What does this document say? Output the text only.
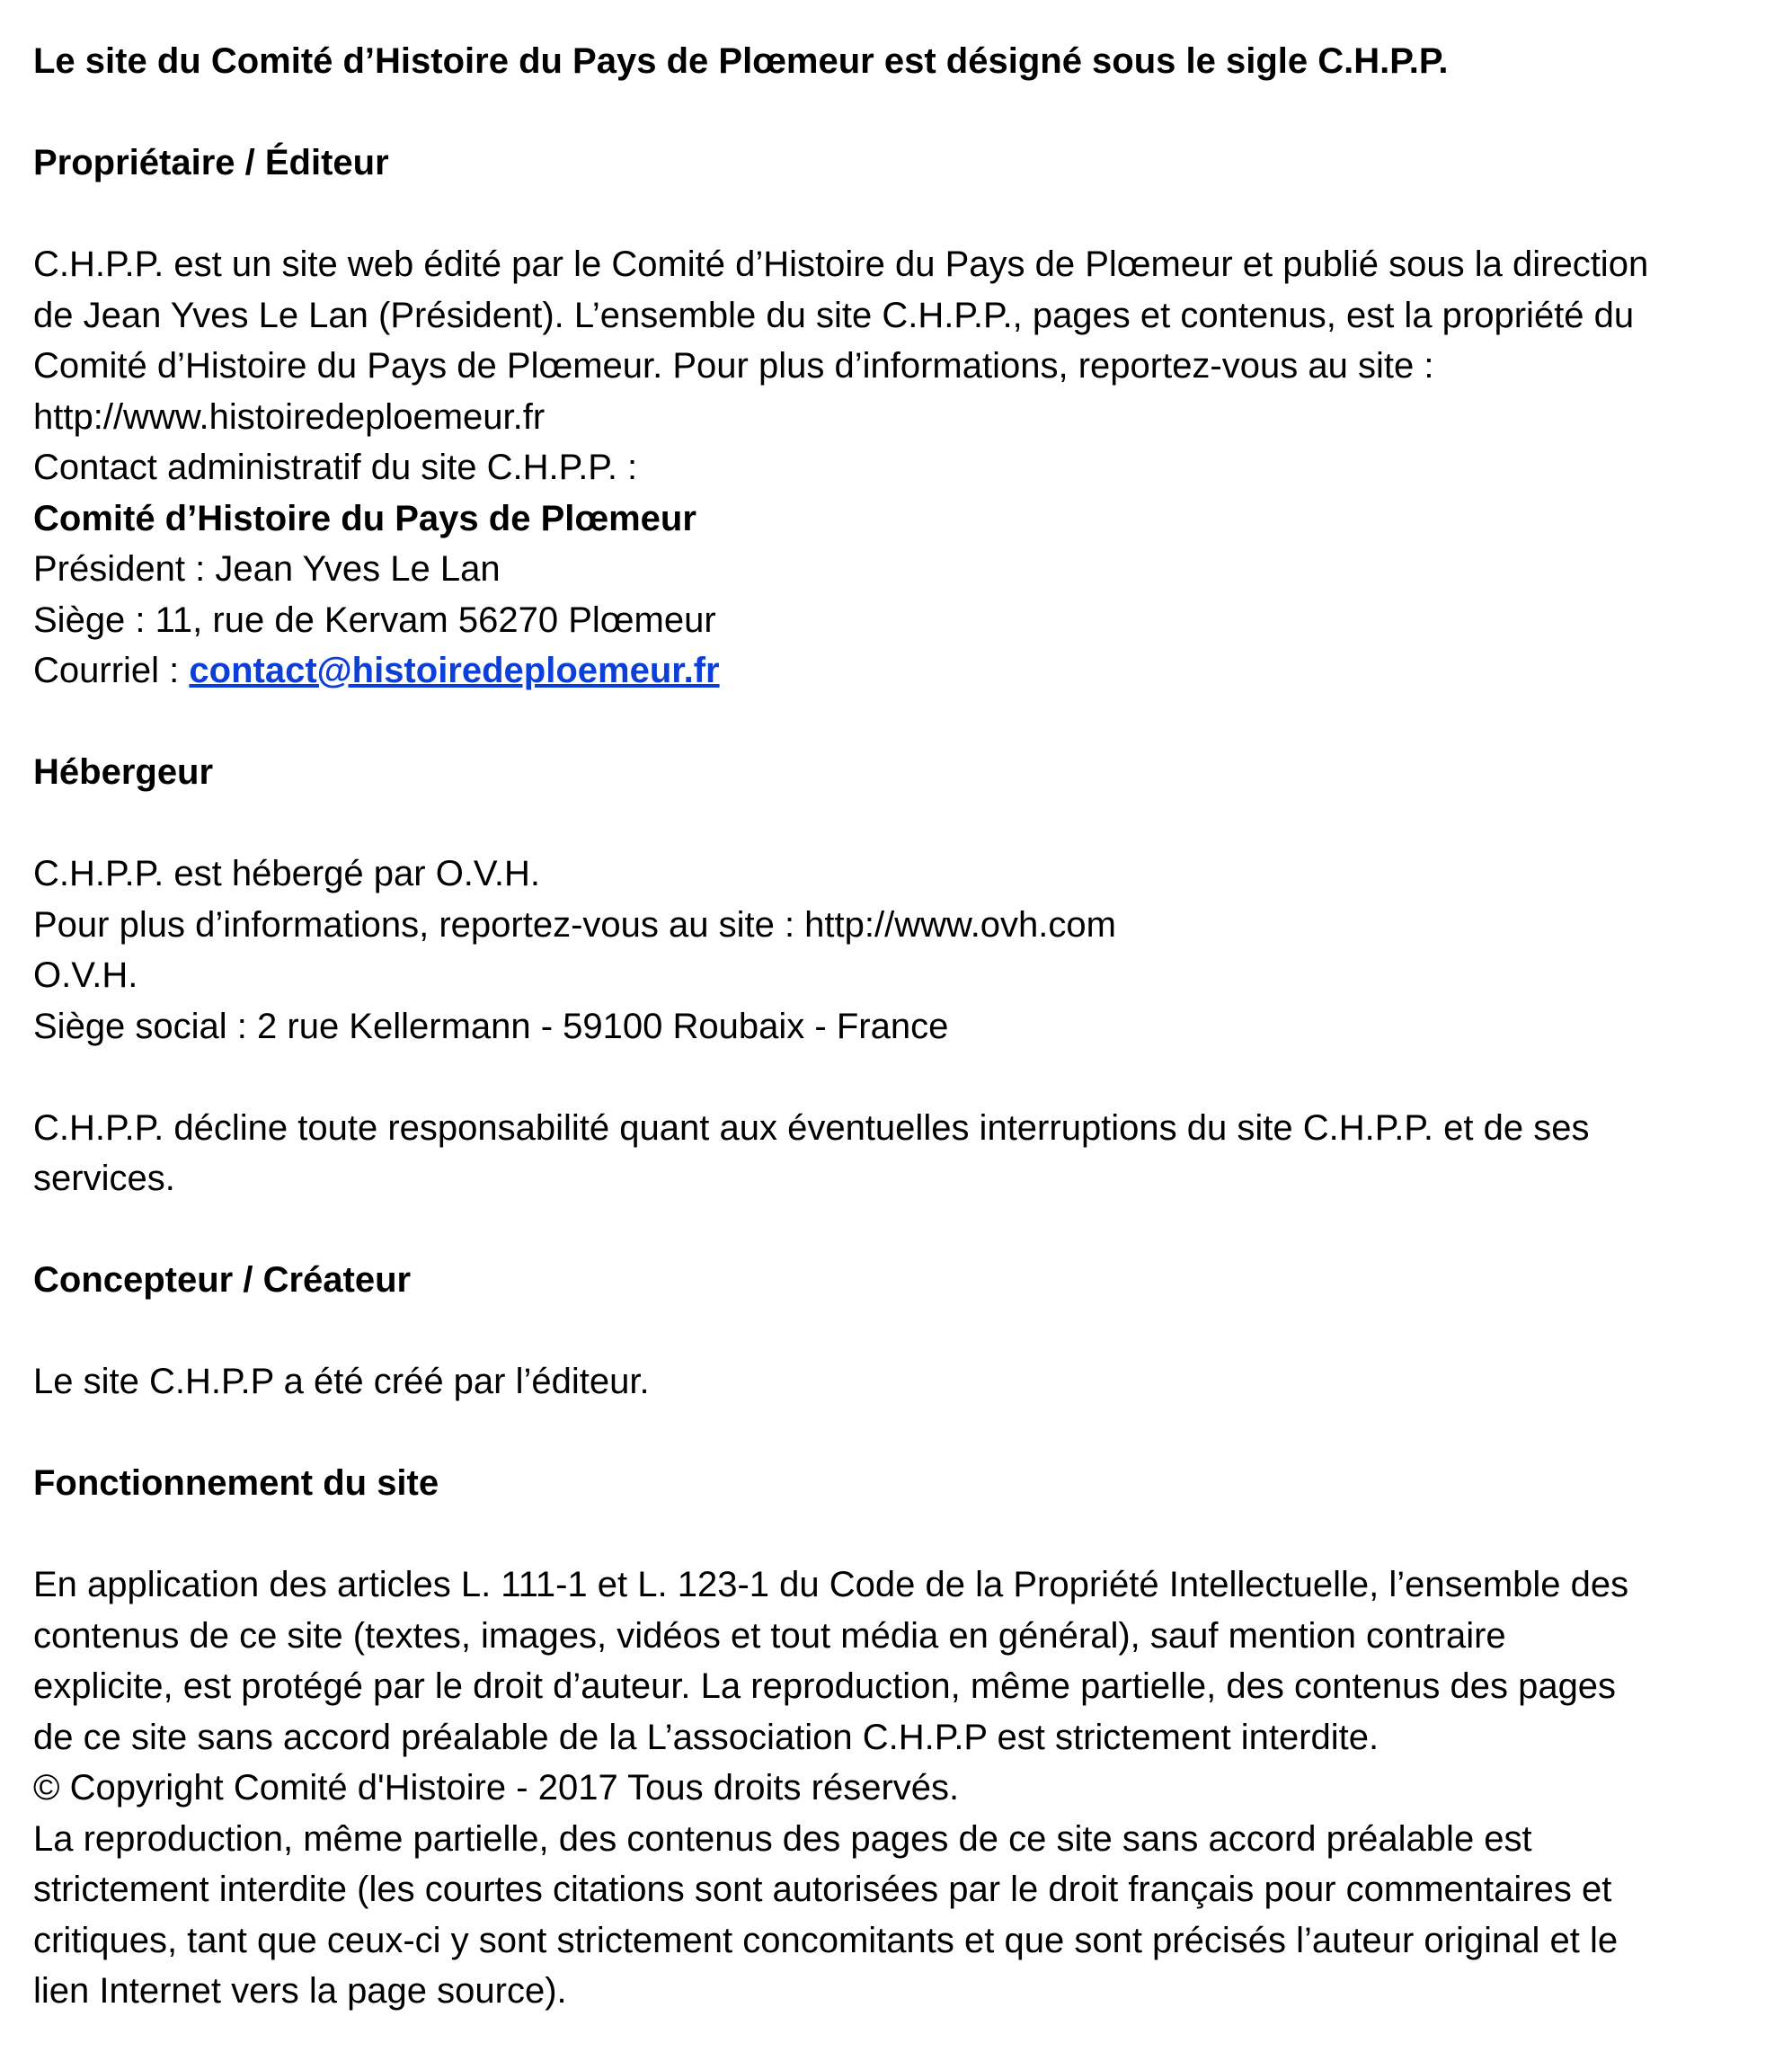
Le site du Comité d’Histoire du Pays de Plœmeur est désigné sous le sigle C.H.P.P.
Propriétaire / Éditeur
C.H.P.P. est un site web édité par le Comité d’Histoire du Pays de Plœmeur et publié sous la direction
de Jean Yves Le Lan (Président). L’ensemble du site C.H.P.P., pages et contenus, est la propriété du
Comité d’Histoire du Pays de Plœmeur. Pour plus d’informations, reportez-vous au site :
http://www.histoiredeploemeur.fr
Contact administratif du site C.H.P.P. :
Comité d’Histoire du Pays de Plœmeur
Président : Jean Yves Le Lan
Siège : 11, rue de Kervam 56270 Plœmeur
Courriel : contact@histoiredeploemeur.fr
Hébergeur
C.H.P.P. est hébergé par O.V.H.
Pour plus d’informations, reportez-vous au site : http://www.ovh.com
O.V.H.
Siège social : 2 rue Kellermann - 59100 Roubaix - France
C.H.P.P. décline toute responsabilité quant aux éventuelles interruptions du site C.H.P.P. et de ses
services.
Concepteur / Créateur
Le site C.H.P.P a été créé par l’éditeur.
Fonctionnement du site
En application des articles L. 111-1 et L. 123-1 du Code de la Propriété Intellectuelle, l’ensemble des
contenus de ce site (textes, images, vidéos et tout média en général), sauf mention contraire
explicite, est protégé par le droit d’auteur. La reproduction, même partielle, des contenus des pages
de ce site sans accord préalable de la L’association C.H.P.P est strictement interdite.
© Copyright Comité d'Histoire - 2017 Tous droits réservés.
La reproduction, même partielle, des contenus des pages de ce site sans accord préalable est
strictement interdite (les courtes citations sont autorisées par le droit français pour commentaires et
critiques, tant que ceux-ci y sont strictement concomitants et que sont précisés l’auteur original et le
lien Internet vers la page source).
